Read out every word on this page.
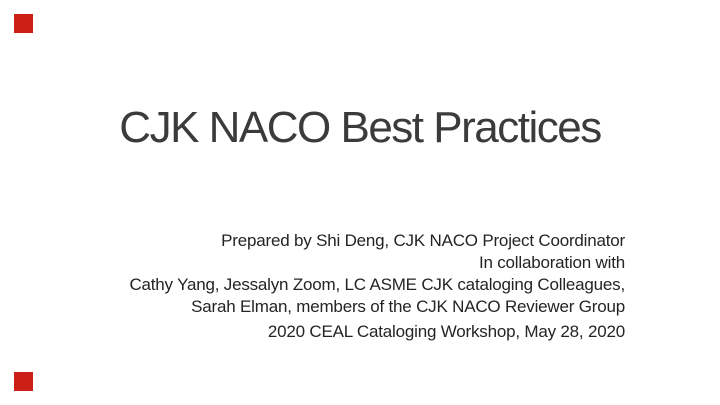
CJK NACO Best Practices
Prepared by Shi Deng, CJK NACO Project Coordinator
In collaboration with
Cathy Yang, Jessalyn Zoom, LC ASME CJK cataloging Colleagues,
Sarah Elman, members of the CJK NACO Reviewer Group
2020 CEAL Cataloging Workshop, May 28, 2020
